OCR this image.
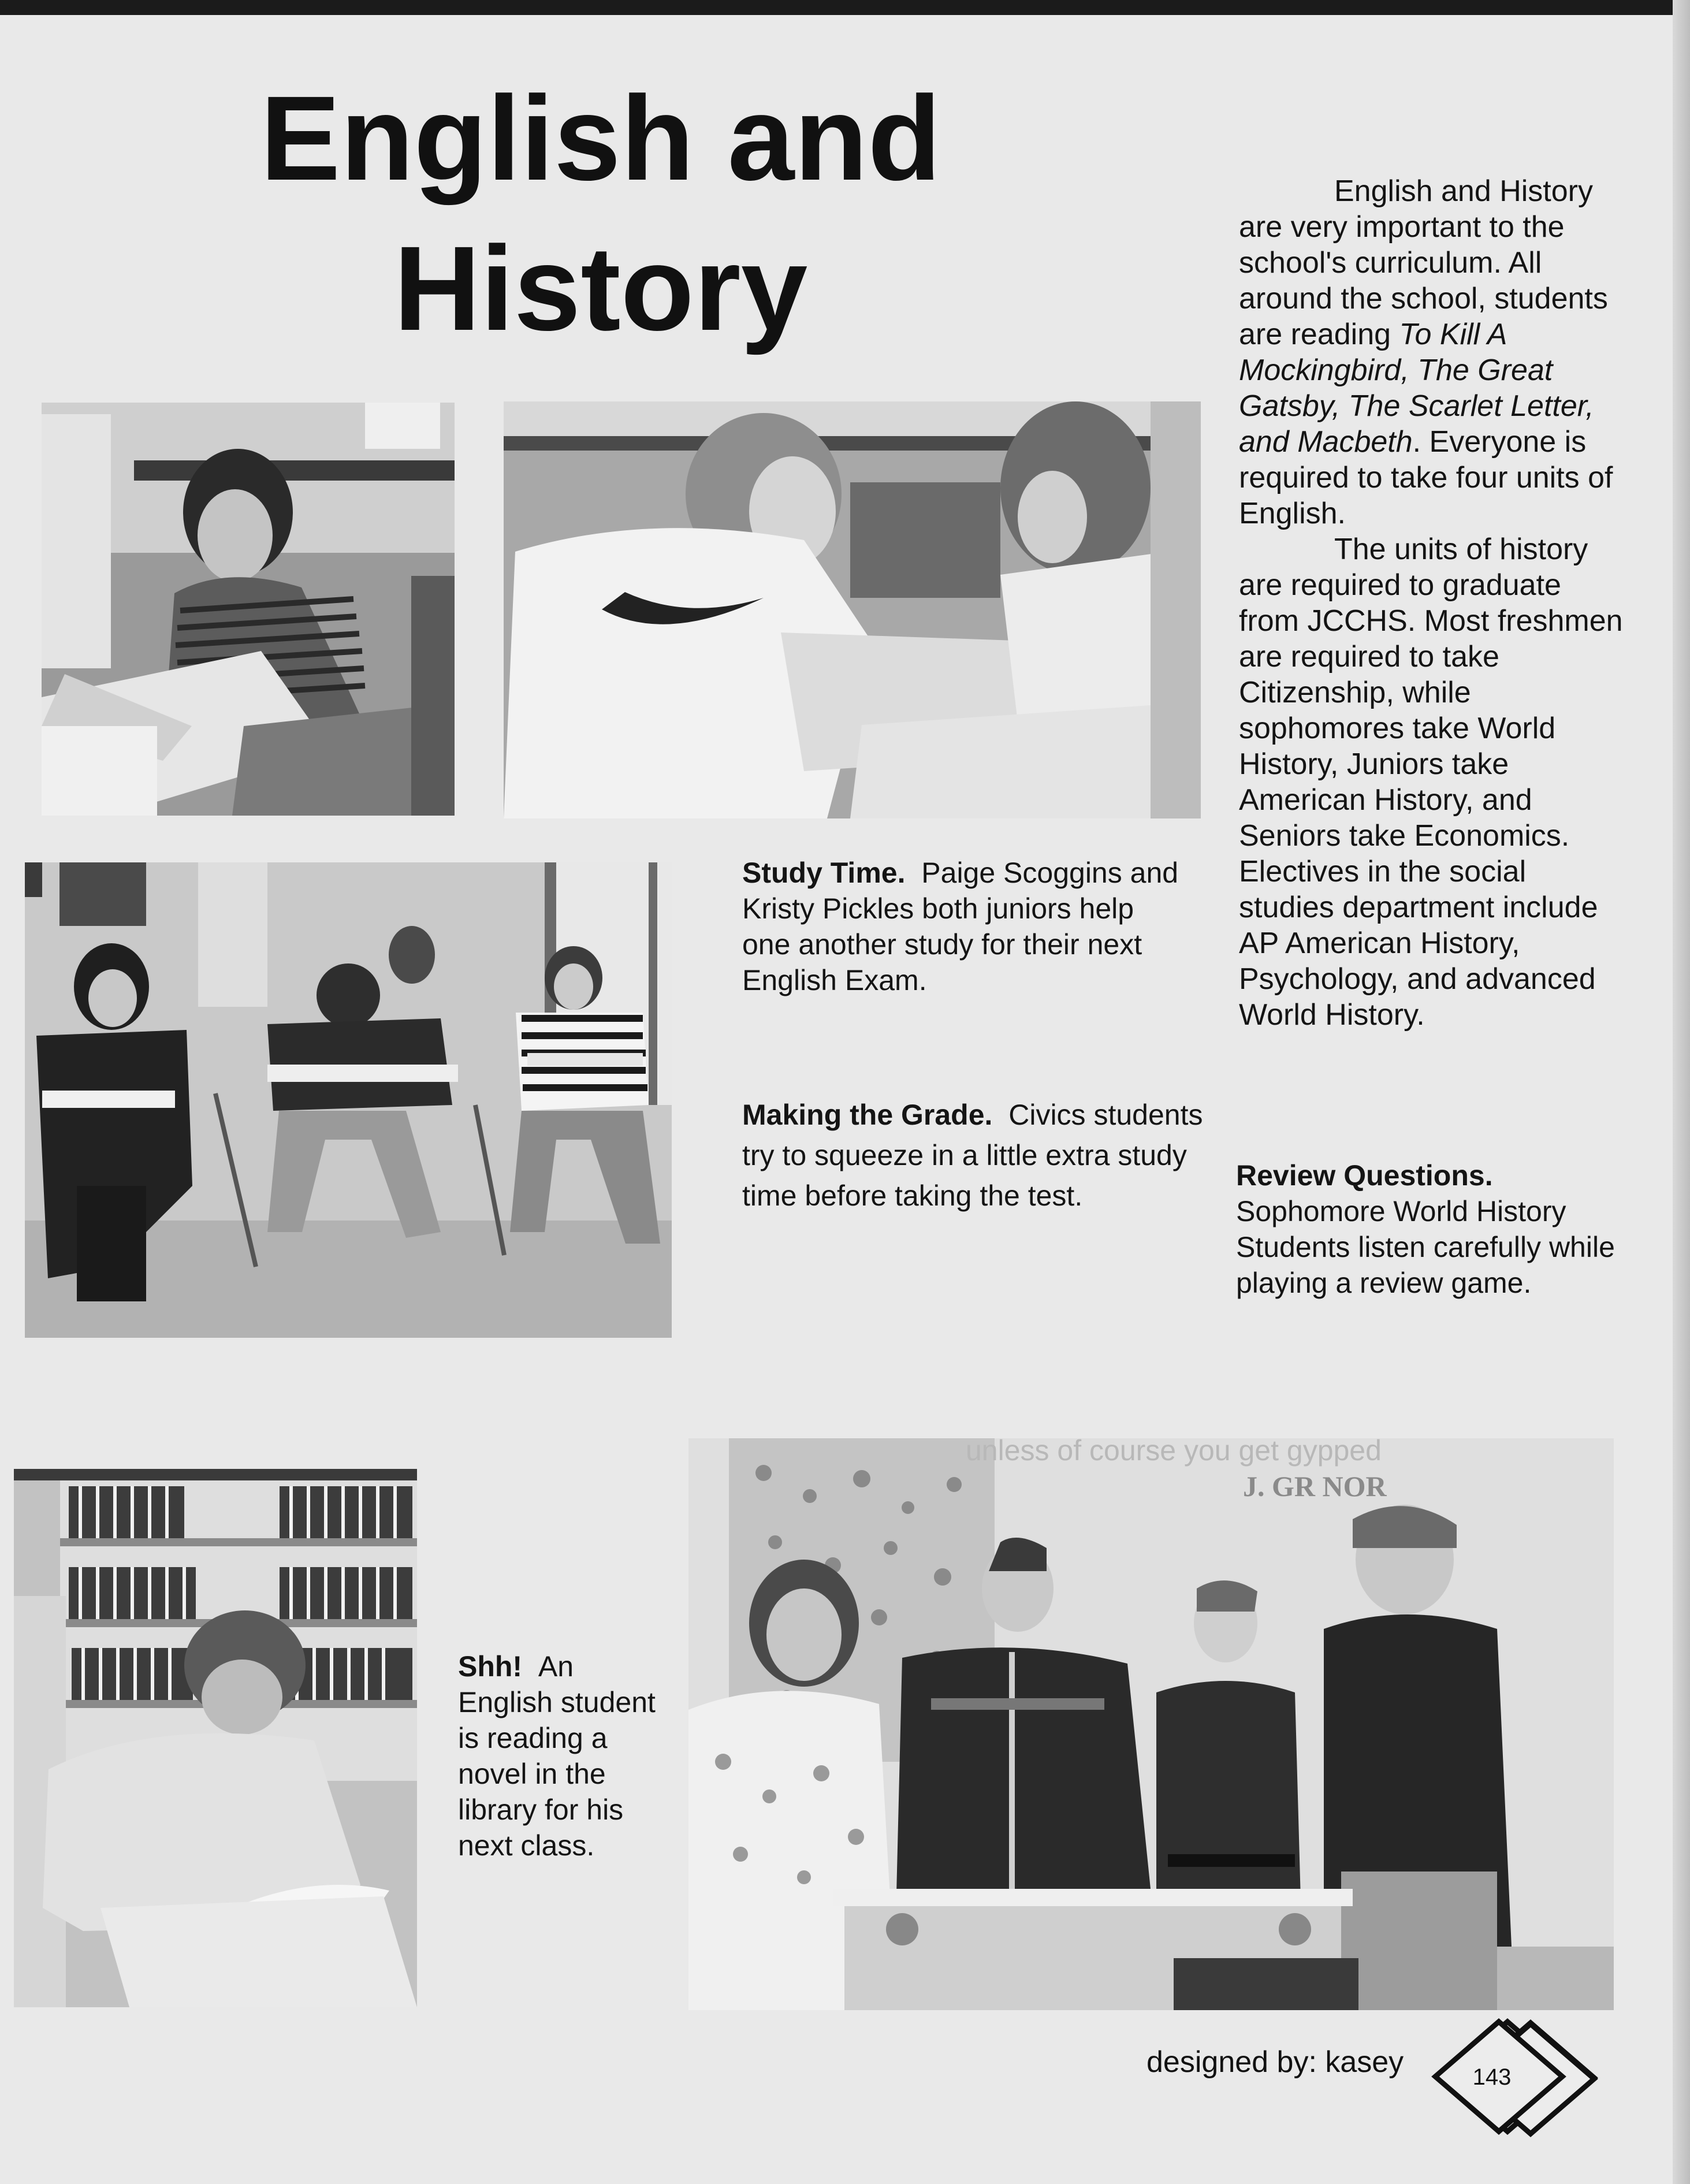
English and
History

English and History are very important to the school's curriculum. All around the school, students are reading To Kill A Mockingbird, The Great Gatsby, The Scarlet Letter, and Macbeth. Everyone is required to take four units of English.

The units of history are required to graduate from JCCHS. Most freshmen are required to take Citizenship, while sophomores take World History, Juniors take American History, and Seniors take Economics. Electives in the social studies department include AP American History, Psychology, and advanced World History.

unless of course you get gypped
J. GR NOR
Study Time. Paige Scoggins and Kristy Pickles both juniors help one another study for their next English Exam.
Making the Grade. Civics students try to squeeze in a little extra study time before taking the test.
Review Questions.
Sophomore World History Students listen carefully while playing a review game.
Shh! An English student is reading a novel in the library for his next class.
designed by: kasey	143
